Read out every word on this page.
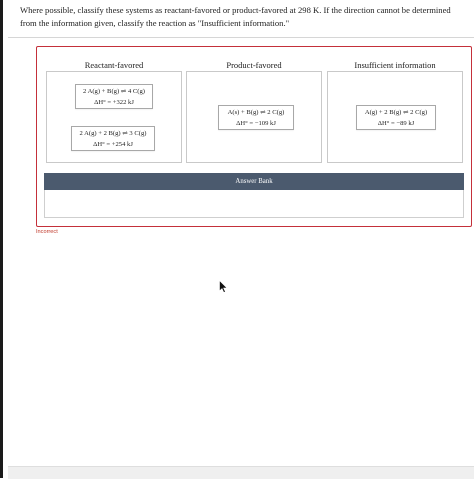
Where possible, classify these systems as reactant-favored or product-favored at 298 K. If the direction cannot be determined from the information given, classify the reaction as "Insufficient information."
Reactant-favored
2 A(g) + B(g) ⇌ 4 C(g)
ΔH° = +322 kJ
2 A(g) + 2 B(g) ⇌ 3 C(g)
ΔH° = +254 kJ
Product-favored
A(s) + B(g) ⇌ 2 C(g)
ΔH° = −109 kJ
Insufficient information
A(g) + 2 B(g) ⇌ 2 C(g)
ΔH° = −89 kJ
Answer Bank
Incorrect
